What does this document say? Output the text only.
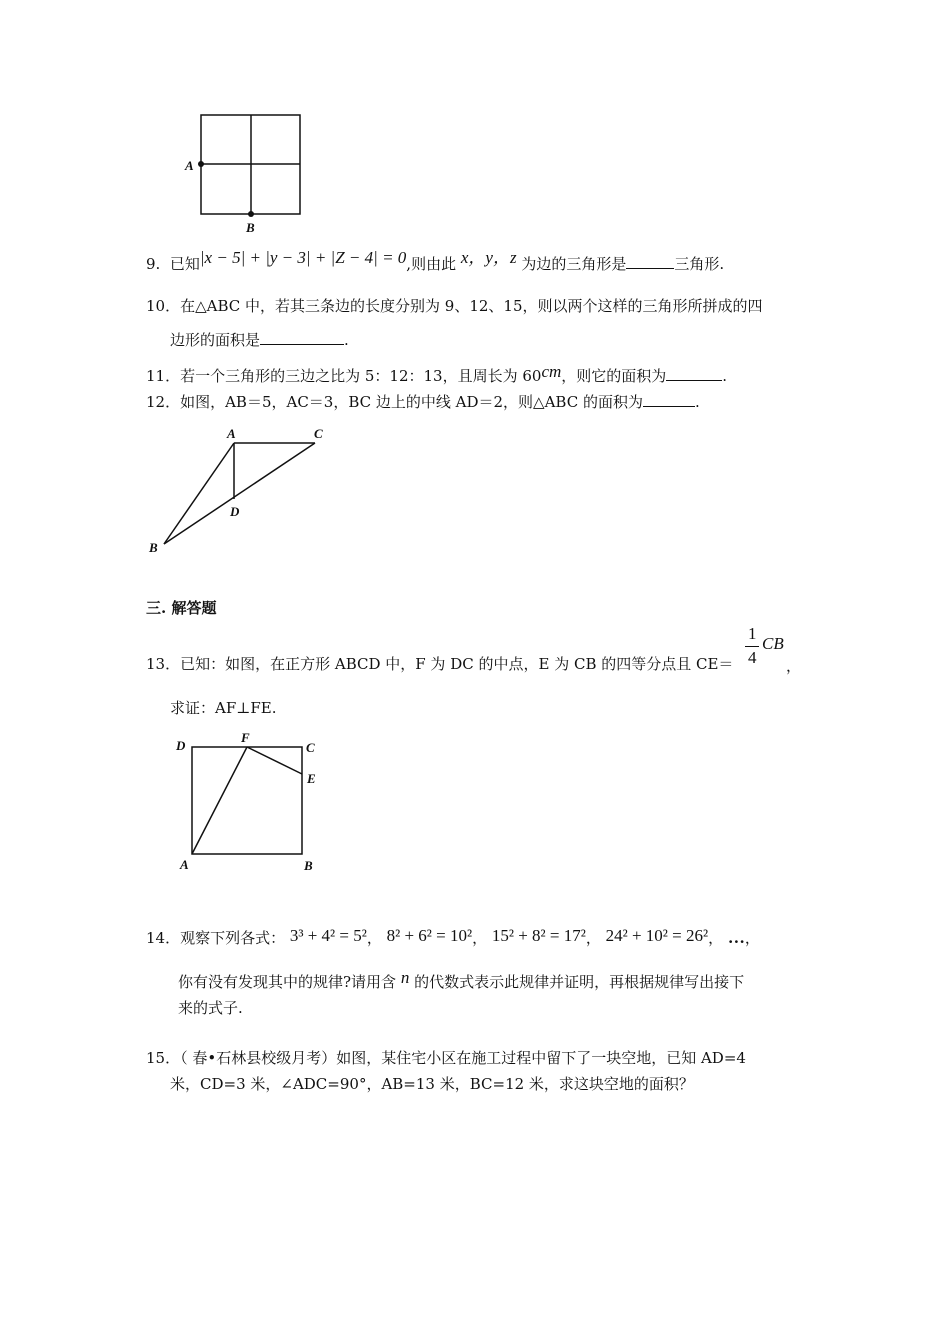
A
B
9. 已知|x − 5| + |y − 3| + |Z − 4| = 0,则由此 x，y，z 为边的三角形是	三角形.
10．在△ABC 中，若其三条边的长度分别为 9、12、15，则以两个这样的三角形所拼成的四
边形的面积是	.
11．若一个三角形的三边之比为 5：12：13，且周长为 60cm，则它的面积为	.
12．如图，AB＝5，AC＝3，BC 边上的中线 AD＝2，则△ABC 的面积为	.
A	C
D
B
三. 解答题
13．已知：如图，在正方形 ABCD 中，F 为 DC 的中点，E 为 CB 的四等分点且 CE＝
1
4
CB
，
求证：AF⊥FE.
D
F
C
E
A	B
14．观察下列各式： 3³ + 4² = 5²， 8² + 6² = 10²， 15² + 8² = 17²， 24² + 10² = 26²， …，
你有没有发现其中的规律?请用含 n 的代数式表示此规律并证明，再根据规律写出接下
来的式子.
15．（ 春•石林县校级月考）如图，某住宅小区在施工过程中留下了一块空地，已知 AD=4
米，CD=3 米，∠ADC=90°，AB=13 米，BC=12 米，求这块空地的面积？
